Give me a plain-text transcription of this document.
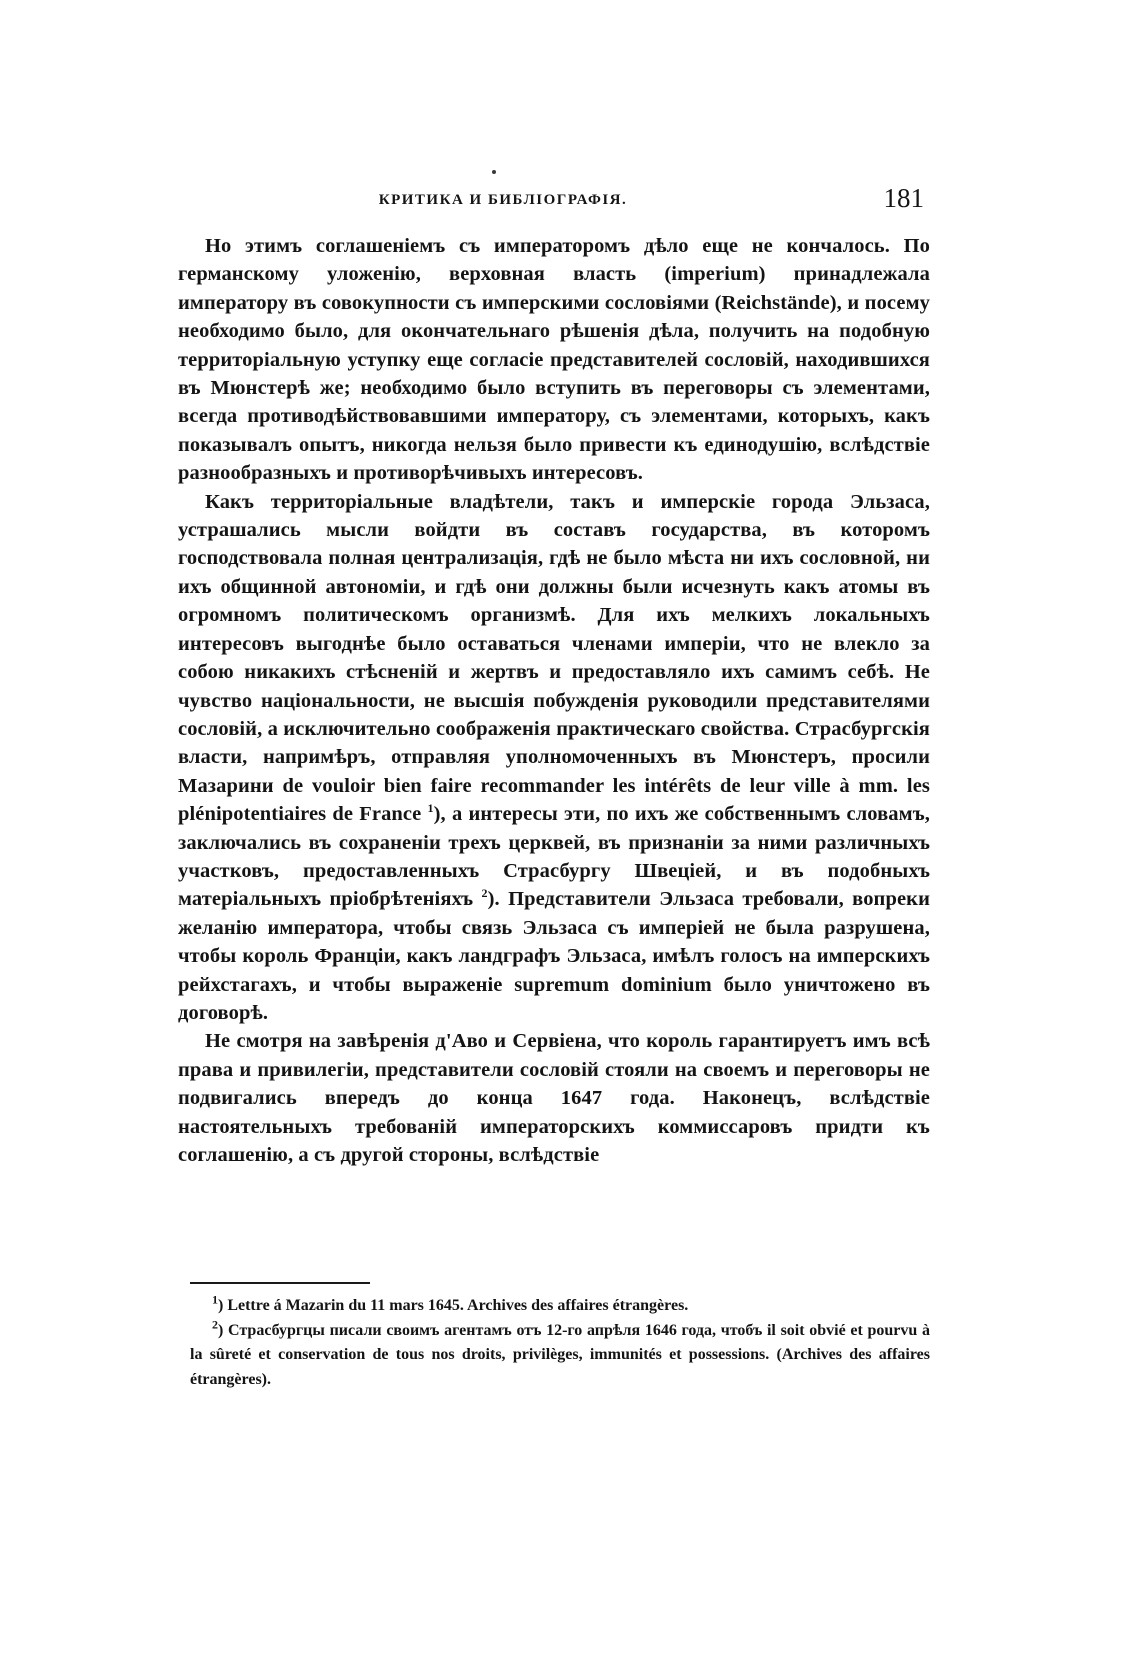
КРИТИКА И БИБЛІОГРАФІЯ.	181

Но этимъ соглашеніемъ съ императоромъ дѣло еще не кончалось. По германскому уложенію, верховная власть (imperium) принадлежала императору въ совокупности съ имперскими сословіями (Reichstände), и посему необходимо было, для окончательнаго рѣшенія дѣла, получить на подобную территоріальную уступку еще согласіе представителей сословій, находившихся въ Мюнстерѣ же; необходимо было вступить въ переговоры съ элементами, всегда противодѣйствовавшими императору, съ элементами, которыхъ, какъ показывалъ опытъ, никогда нельзя было привести къ единодушію, вслѣдствіе разнообразныхъ и противорѣчивыхъ интересовъ.

Какъ территоріальные владѣтели, такъ и имперскіе города Эльзаса, устрашались мысли войдти въ составъ государства, въ которомъ господствовала полная централизація, гдѣ не было мѣста ни ихъ сословной, ни ихъ общинной автономіи, и гдѣ они должны были исчезнуть какъ атомы въ огромномъ политическомъ организмѣ. Для ихъ мелкихъ локальныхъ интересовъ выгоднѣе было оставаться членами имперіи, что не влекло за собою никакихъ стѣсненій и жертвъ и предоставляло ихъ самимъ себѣ. Не чувство національности, не высшія побужденія руководили представителями сословій, а исключительно соображенія практическаго свойства. Страсбургскія власти, напримѣръ, отправляя уполномоченныхъ въ Мюнстеръ, просили Мазарини de vouloir bien faire recommander les intérêts de leur ville à mm. les plénipotentiaires de France $^1$), а интересы эти, по ихъ же собственнымъ словамъ, заключались въ сохраненіи трехъ церквей, въ признаніи за ними различныхъ участковъ, предоставленныхъ Страсбургу Швеціей, и въ подобныхъ матеріальныхъ пріобрѣтеніяхъ $^2$). Представители Эльзаса требовали, вопреки желанію императора, чтобы связь Эльзаса съ имперіей не была разрушена, чтобы король Франціи, какъ ландграфъ Эльзаса, имѣлъ голосъ на имперскихъ рейхстагахъ, и чтобы выраженіе supremum dominium было уничтожено въ договорѣ.

Не смотря на завѣренія д'Аво и Сервіена, что король гарантируетъ имъ всѣ права и привилегіи, представители сословій стояли на своемъ и переговоры не подвигались впередъ до конца 1647 года. Наконецъ, вслѣдствіе настоятельныхъ требованій императорскихъ коммиссаровъ придти къ соглашенію, а съ другой стороны, вслѣдствіе

$^1$) Lettre á Mazarin du 11 mars 1645. Archives des affaires étrangères.

$^2$) Страсбургцы писали своимъ агентамъ отъ 12-го апрѣля 1646 года, чтобъ il soit obvié et pourvu à la sûreté et conservation de tous nos droits, privilèges, immunités et possessions. (Archives des affaires étrangères).
